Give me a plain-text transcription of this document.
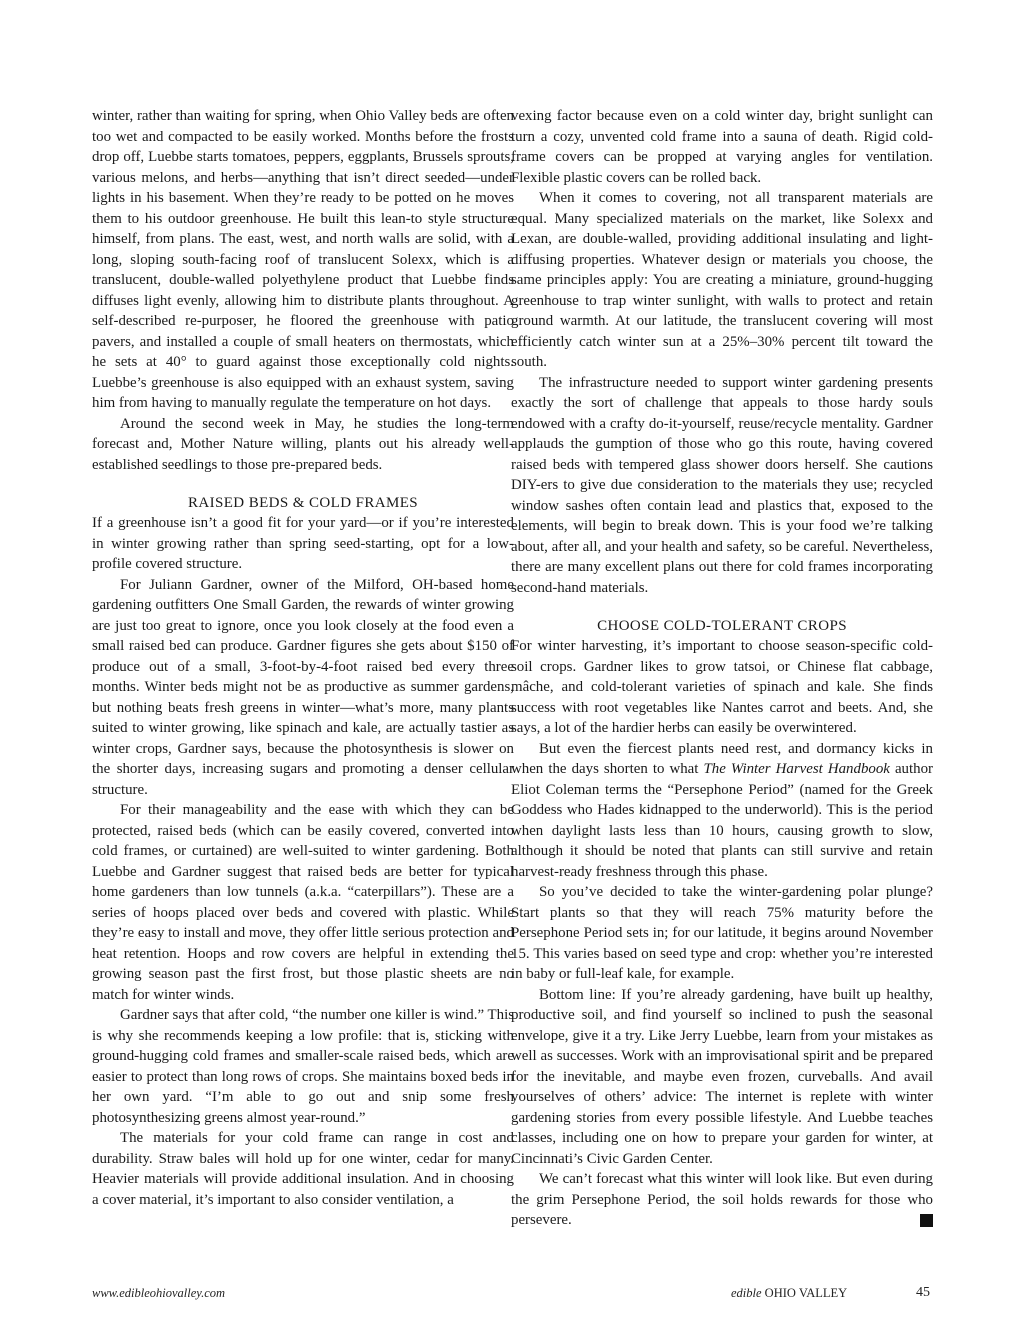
winter, rather than waiting for spring, when Ohio Valley beds are often too wet and compacted to be easily worked. Months before the frosts drop off, Luebbe starts tomatoes, peppers, eggplants, Brussels sprouts, various melons, and herbs—anything that isn’t direct seeded—under lights in his basement. When they’re ready to be potted on he moves them to his outdoor greenhouse. He built this lean-to style structure himself, from plans. The east, west, and north walls are solid, with a long, sloping south-facing roof of translucent Solexx, which is a translucent, double-walled polyethylene product that Luebbe finds diffuses light evenly, allowing him to distribute plants throughout. A self-described re-purposer, he floored the greenhouse with patio pavers, and installed a couple of small heaters on thermostats, which he sets at 40° to guard against those exceptionally cold nights. Luebbe’s greenhouse is also equipped with an exhaust system, saving him from having to manually regulate the temperature on hot days.

Around the second week in May, he studies the long-term forecast and, Mother Nature willing, plants out his already well-established seedlings to those pre-prepared beds.

RAISED BEDS & COLD FRAMES

If a greenhouse isn’t a good fit for your yard—or if you’re interested in winter growing rather than spring seed-starting, opt for a low-profile covered structure.

For Juliann Gardner, owner of the Milford, OH-based home gardening outfitters One Small Garden, the rewards of winter growing are just too great to ignore, once you look closely at the food even a small raised bed can produce. Gardner figures she gets about $150 of produce out of a small, 3-foot-by-4-foot raised bed every three months. Winter beds might not be as productive as summer gardens, but nothing beats fresh greens in winter—what’s more, many plants suited to winter growing, like spinach and kale, are actually tastier as winter crops, Gardner says, because the photosynthesis is slower on the shorter days, increasing sugars and promoting a denser cellular structure.

For their manageability and the ease with which they can be protected, raised beds (which can be easily covered, converted into cold frames, or curtained) are well-suited to winter gardening. Both Luebbe and Gardner suggest that raised beds are better for typical home gardeners than low tunnels (a.k.a. “caterpillars”). These are a series of hoops placed over beds and covered with plastic. While they’re easy to install and move, they offer little serious protection and heat retention. Hoops and row covers are helpful in extending the growing season past the first frost, but those plastic sheets are no match for winter winds.

Gardner says that after cold, “the number one killer is wind.” This is why she recommends keeping a low profile: that is, sticking with ground-hugging cold frames and smaller-scale raised beds, which are easier to protect than long rows of crops. She maintains boxed beds in her own yard. “I’m able to go out and snip some fresh photosynthesizing greens almost year-round.”

The materials for your cold frame can range in cost and durability. Straw bales will hold up for one winter, cedar for many. Heavier materials will provide additional insulation. And in choosing a cover material, it’s important to also consider ventilation, a

vexing factor because even on a cold winter day, bright sunlight can turn a cozy, unvented cold frame into a sauna of death. Rigid cold-frame covers can be propped at varying angles for ventilation. Flexible plastic covers can be rolled back.

When it comes to covering, not all transparent materials are equal. Many specialized materials on the market, like Solexx and Lexan, are double-walled, providing additional insulating and light-diffusing properties. Whatever design or materials you choose, the same principles apply: You are creating a miniature, ground-hugging greenhouse to trap winter sunlight, with walls to protect and retain ground warmth. At our latitude, the translucent covering will most efficiently catch winter sun at a 25%–30% percent tilt toward the south.

The infrastructure needed to support winter gardening presents exactly the sort of challenge that appeals to those hardy souls endowed with a crafty do-it-yourself, reuse/recycle mentality. Gardner applauds the gumption of those who go this route, having covered raised beds with tempered glass shower doors herself. She cautions DIY-ers to give due consideration to the materials they use; recycled window sashes often contain lead and plastics that, exposed to the elements, will begin to break down. This is your food we’re talking about, after all, and your health and safety, so be careful. Nevertheless, there are many excellent plans out there for cold frames incorporating second-hand materials.

CHOOSE COLD-TOLERANT CROPS

For winter harvesting, it’s important to choose season-specific cold-soil crops. Gardner likes to grow tatsoi, or Chinese flat cabbage, mâche, and cold-tolerant varieties of spinach and kale. She finds success with root vegetables like Nantes carrot and beets. And, she says, a lot of the hardier herbs can easily be overwintered.

But even the fiercest plants need rest, and dormancy kicks in when the days shorten to what The Winter Harvest Handbook author Eliot Coleman terms the “Persephone Period” (named for the Greek Goddess who Hades kidnapped to the underworld). This is the period when daylight lasts less than 10 hours, causing growth to slow, although it should be noted that plants can still survive and retain harvest-ready freshness through this phase.

So you’ve decided to take the winter-gardening polar plunge? Start plants so that they will reach 75% maturity before the Persephone Period sets in; for our latitude, it begins around November 15. This varies based on seed type and crop: whether you’re interested in baby or full-leaf kale, for example.

Bottom line: If you’re already gardening, have built up healthy, productive soil, and find yourself so inclined to push the seasonal envelope, give it a try. Like Jerry Luebbe, learn from your mistakes as well as successes. Work with an improvisational spirit and be prepared for the inevitable, and maybe even frozen, curveballs. And avail yourselves of others’ advice: The internet is replete with winter gardening stories from every possible lifestyle. And Luebbe teaches classes, including one on how to prepare your garden for winter, at Cincinnati’s Civic Garden Center.

We can’t forecast what this winter will look like. But even during the grim Persephone Period, the soil holds rewards for those who persevere.

www.edibleohiovalley.com	edible OHIO VALLEY	45
